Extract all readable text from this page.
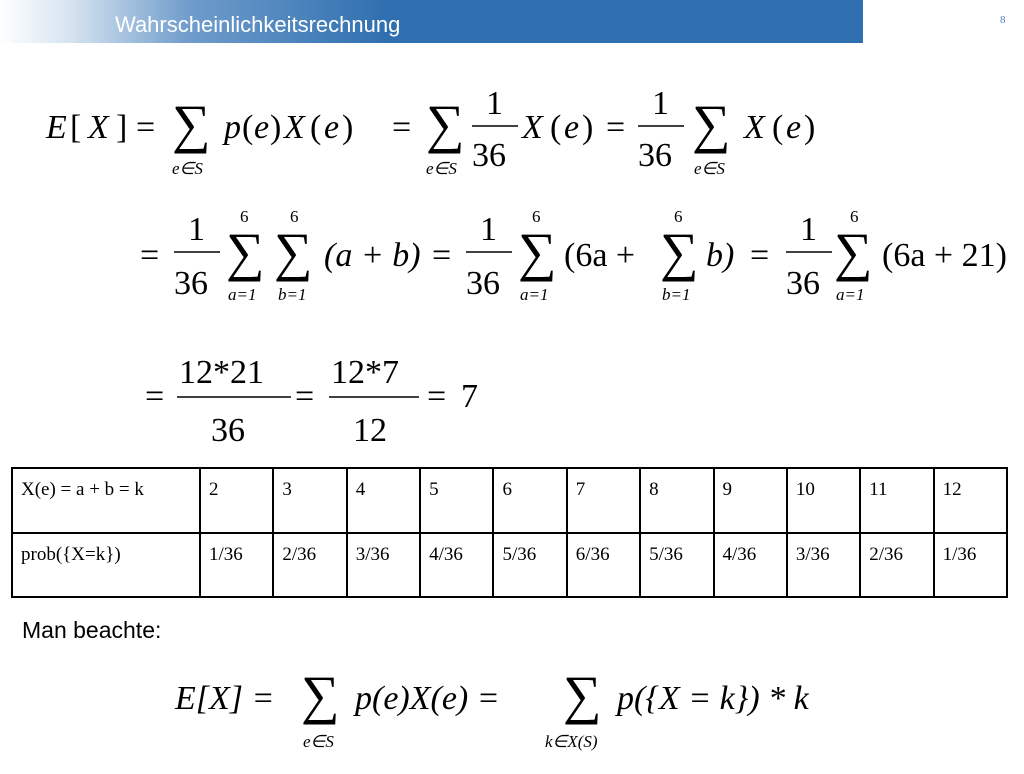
Wahrscheinlichkeitsrechnung	8
E [ X ] = ∑
e∈S
p ( e ) X ( e ) = ∑
e∈S
1
36
X ( e ) =
1
36
∑
e∈S
X ( e )
=
1
36
6
∑
a=1
6
∑
b=1
(a + b) =
1
36
6
∑
a=1
(6a +
6
∑
b=1
b) =
1
36
6
∑
a=1
(6a + 21)
=
12*21
36
=
12*7
12
= 7
X(e) = a + b = k	2	3	4	5	6	7	8	9	10	11	12
prob({X=k})	1/36	2/36	3/36	4/36	5/36	6/36	5/36	4/36	3/36	2/36	1/36
Man beachte:
E[X] = ∑
e∈S
p(e)X(e) = ∑
k∈X(S)
p({X = k}) * k
